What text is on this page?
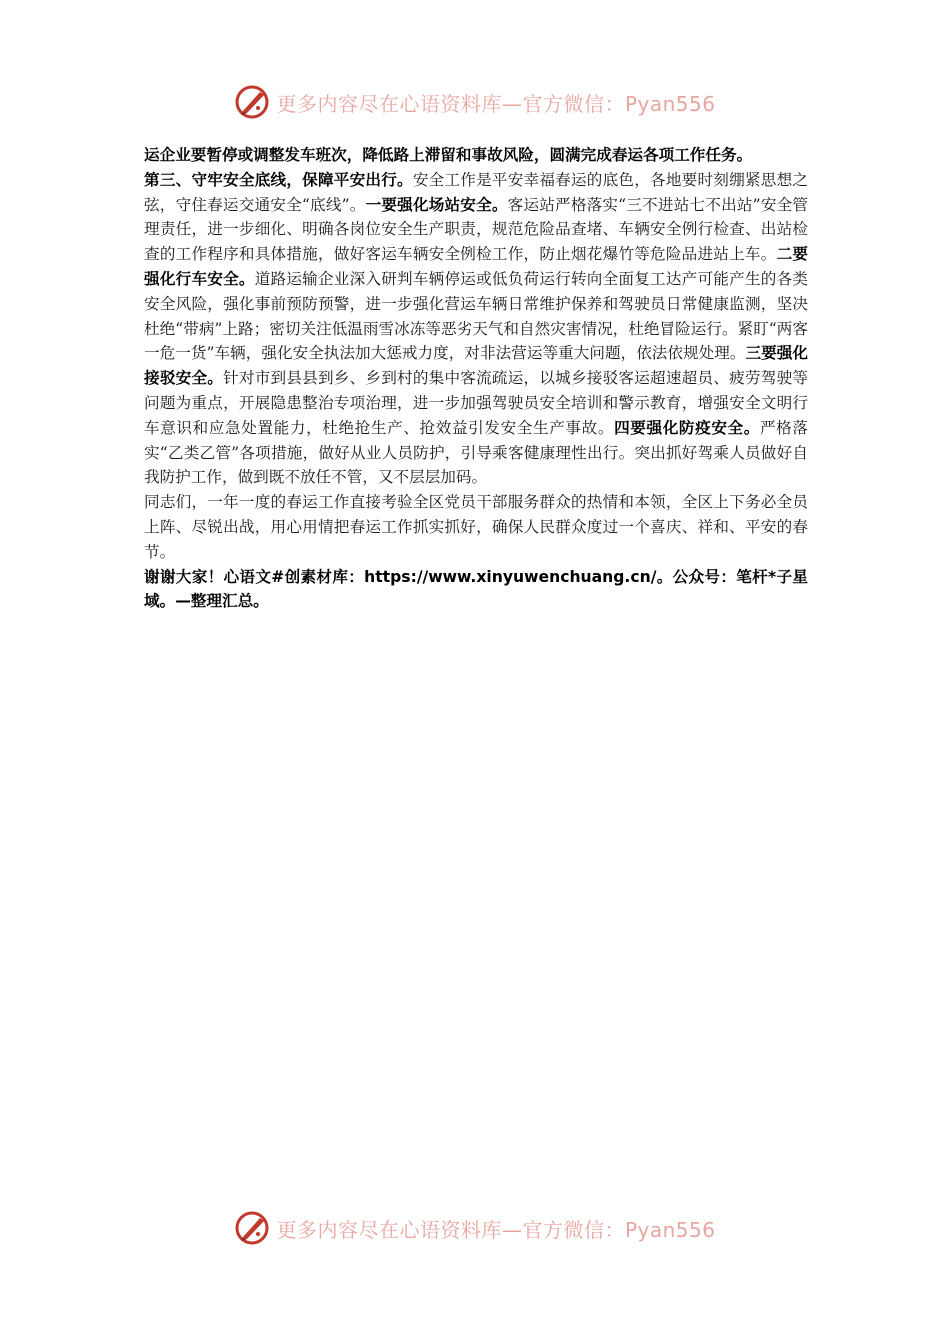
更多内容尽在心语资料库—官方微信：Pyan556

运企业要暂停或调整发车班次，降低路上滞留和事故风险，圆满完成春运各项工作任务。

第三、守牢安全底线，保障平安出行。安全工作是平安幸福春运的底色，各地要时刻绷紧思想之弦，守住春运交通安全“底线”。一要强化场站安全。客运站严格落实“三不进站七不出站”安全管理责任，进一步细化、明确各岗位安全生产职责，规范危险品查堵、车辆安全例行检查、出站检查的工作程序和具体措施，做好客运车辆安全例检工作，防止烟花爆竹等危险品进站上车。二要强化行车安全。道路运输企业深入研判车辆停运或低负荷运行转向全面复工达产可能产生的各类安全风险，强化事前预防预警，进一步强化营运车辆日常维护保养和驾驶员日常健康监测，坚决杜绝“带病”上路；密切关注低温雨雪冰冻等恶劣天气和自然灾害情况，杜绝冒险运行。紧盯“两客一危一货”车辆，强化安全执法加大惩戒力度，对非法营运等重大问题，依法依规处理。三要强化接驳安全。针对市到县县到乡、乡到村的集中客流疏运，以城乡接驳客运超速超员、疲劳驾驶等问题为重点，开展隐患整治专项治理，进一步加强驾驶员安全培训和警示教育，增强安全文明行车意识和应急处置能力，杜绝抢生产、抢效益引发安全生产事故。四要强化防疫安全。严格落实“乙类乙管”各项措施，做好从业人员防护，引导乘客健康理性出行。突出抓好驾乘人员做好自我防护工作，做到既不放任不管，又不层层加码。

同志们，一年一度的春运工作直接考验全区党员干部服务群众的热情和本领，全区上下务必全员上阵、尽锐出战，用心用情把春运工作抓实抓好，确保人民群众度过一个喜庆、祥和、平安的春节。

谢谢大家！心语文#创素材库：https://www.xinyuwenchuang.cn/。公众号：笔杆*子星域。—整理汇总。

更多内容尽在心语资料库—官方微信：Pyan556
